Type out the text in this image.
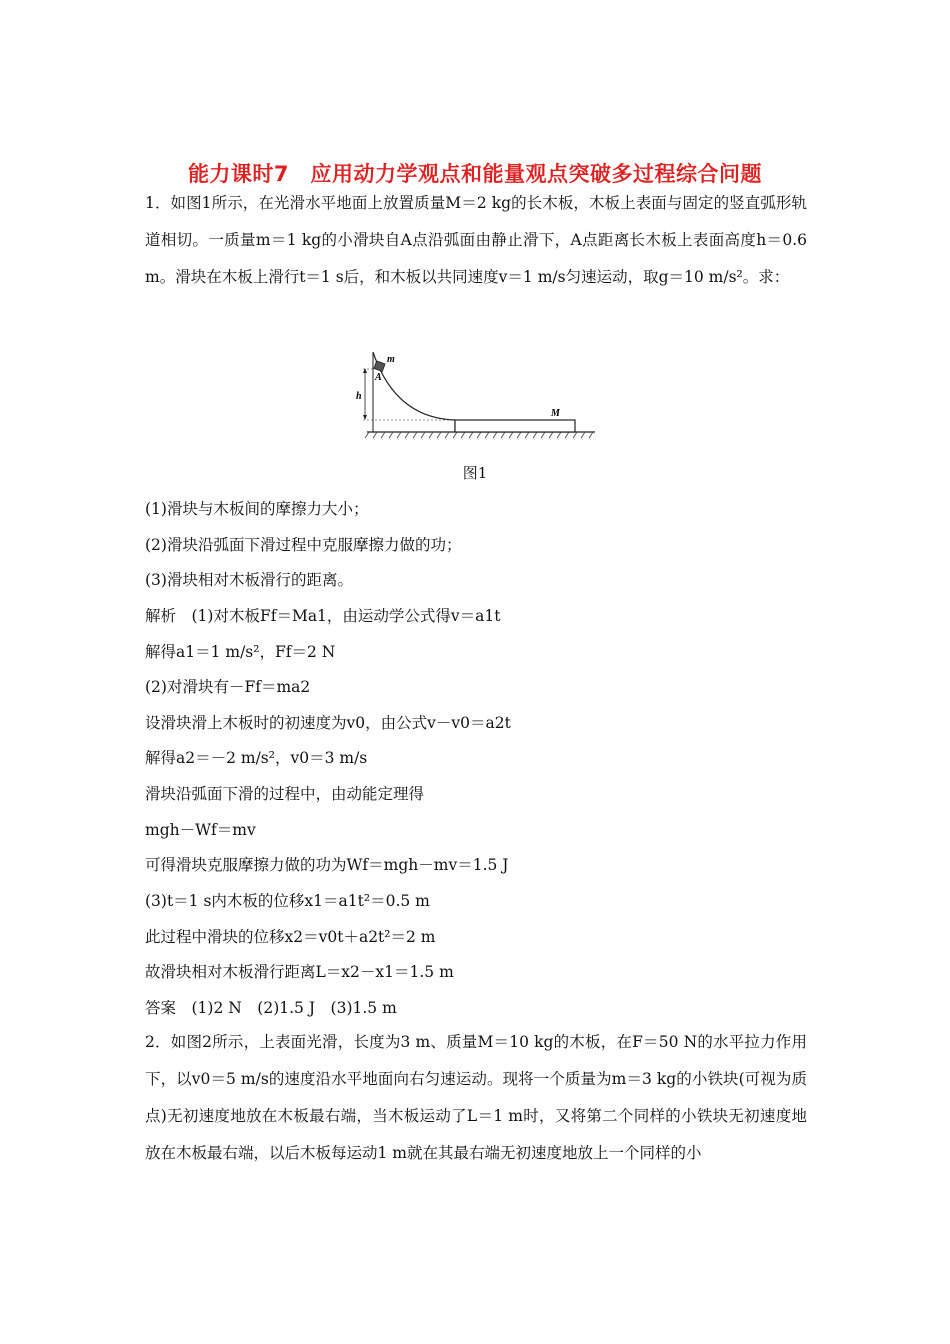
能力课时7　应用动力学观点和能量观点突破多过程综合问题
1．如图1所示，在光滑水平地面上放置质量M＝2 kg的长木板，木板上表面与固定的竖直弧形轨道相切。一质量m＝1 kg的小滑块自A点沿弧面由静止滑下，A点距离长木板上表面高度h＝0.6 m。滑块在木板上滑行t＝1 s后，和木板以共同速度v＝1 m/s匀速运动，取g＝10 m/s²。求：
m
A
h
M
图1
(1)滑块与木板间的摩擦力大小；
(2)滑块沿弧面下滑过程中克服摩擦力做的功；
(3)滑块相对木板滑行的距离。
解析　(1)对木板Ff＝Ma1，由运动学公式得v＝a1t
解得a1＝1 m/s²，Ff＝2 N
(2)对滑块有－Ff＝ma2
设滑块滑上木板时的初速度为v0，由公式v－v0＝a2t
解得a2＝－2 m/s²，v0＝3 m/s
滑块沿弧面下滑的过程中，由动能定理得
mgh－Wf＝mv
可得滑块克服摩擦力做的功为Wf＝mgh－mv＝1.5 J
(3)t＝1 s内木板的位移x1＝a1t²＝0.5 m
此过程中滑块的位移x2＝v0t＋a2t²＝2 m
故滑块相对木板滑行距离L＝x2－x1＝1.5 m
答案　(1)2 N　(2)1.5 J　(3)1.5 m
2．如图2所示，上表面光滑，长度为3 m、质量M＝10 kg的木板，在F＝50 N的水平拉力作用下，以v0＝5 m/s的速度沿水平地面向右匀速运动。现将一个质量为m＝3 kg的小铁块(可视为质点)无初速度地放在木板最右端，当木板运动了L＝1 m时，又将第二个同样的小铁块无初速度地放在木板最右端，以后木板每运动1 m就在其最右端无初速度地放上一个同样的小
